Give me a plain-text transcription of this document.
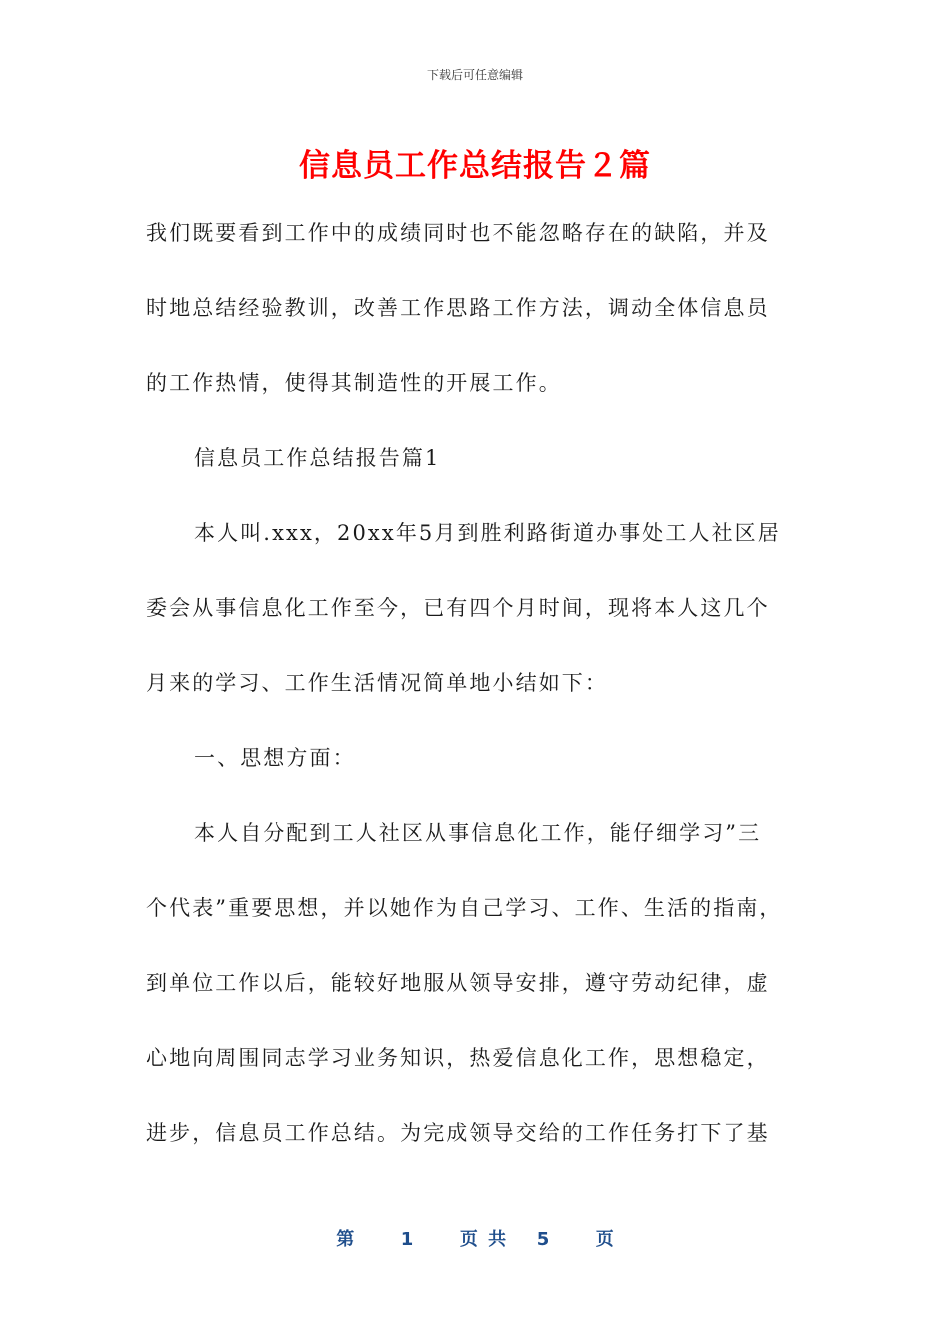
下载后可任意编辑
信息员工作总结报告２篇

我们既要看到工作中的成绩同时也不能忽略存在的缺陷，并及

时地总结经验教训，改善工作思路工作方法，调动全体信息员

的工作热情，使得其制造性的开展工作。

信息员工作总结报告篇1

本人叫.xxx，20xx年5月到胜利路街道办事处工人社区居

委会从事信息化工作至今，已有四个月时间，现将本人这几个

月来的学习、工作生活情况简单地小结如下：

一、思想方面：

本人自分配到工人社区从事信息化工作，能仔细学习”三

个代表”重要思想，并以她作为自己学习、工作、生活的指南，

到单位工作以后，能较好地服从领导安排，遵守劳动纪律，虚

心地向周围同志学习业务知识，热爱信息化工作，思想稳定，

进步，信息员工作总结。为完成领导交给的工作任务打下了基

第	1	页 共 5	页
